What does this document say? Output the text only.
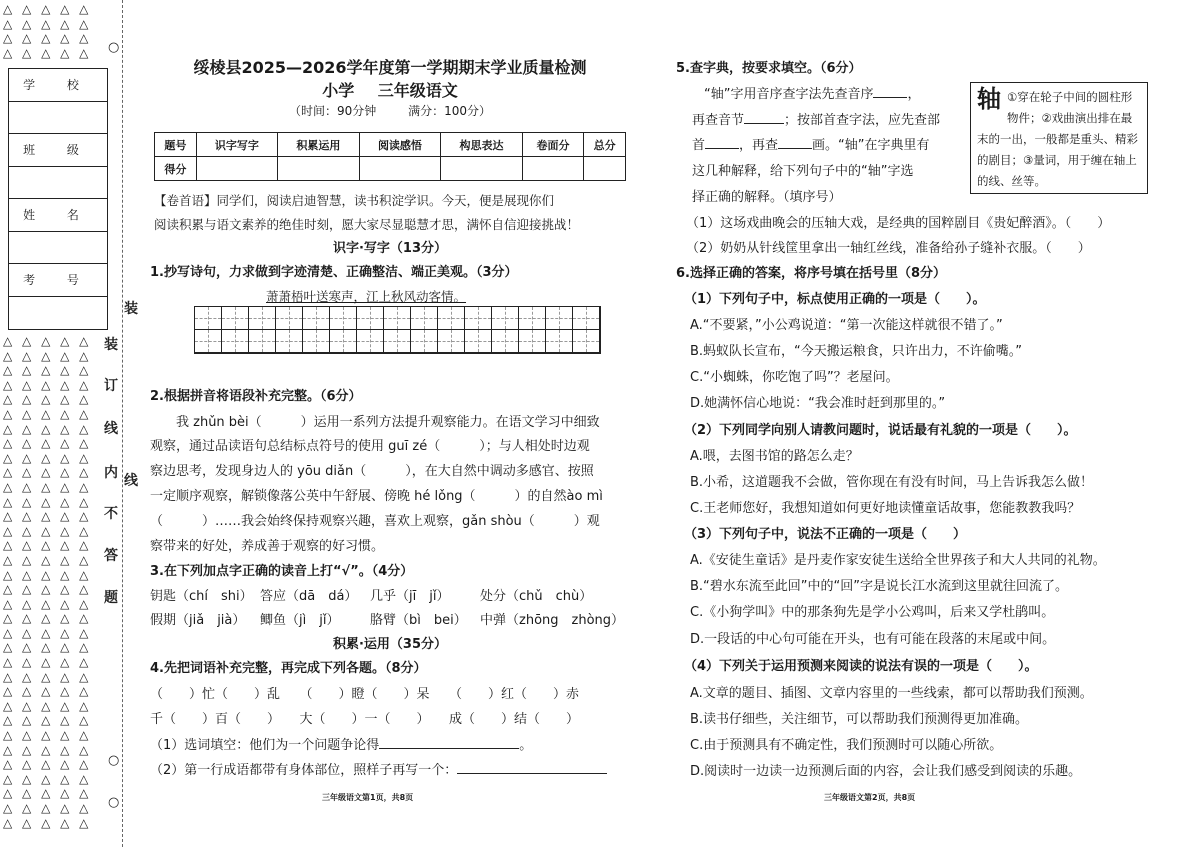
△ △ △ △ △
△ △ △ △ △
△ △ △ △ △
△ △ △ △ △
△ △ △ △ △
△ △ △ △ △
△ △ △ △ △
△ △ △ △ △
△ △ △ △ △
△ △ △ △ △
△ △ △ △ △
△ △ △ △ △
△ △ △ △ △
△ △ △ △ △
△ △ △ △ △
△ △ △ △ △
△ △ △ △ △
△ △ △ △ △
△ △ △ △ △
△ △ △ △ △
△ △ △ △ △
△ △ △ △ △
△ △ △ △ △
△ △ △ △ △
△ △ △ △ △
△ △ △ △ △
△ △ △ △ △
△ △ △ △ △
△ △ △ △ △
△ △ △ △ △
△ △ △ △ △
△ △ △ △ △
△ △ △ △ △
△ △ △ △ △
△ △ △ △ △
△ △ △ △ △
△ △ △ △ △
△ △ △ △ △
○
○
○
学 校
班 级
姓 名
考 号
装
线
装
订
线
内
不
答
题
绥棱县2025—2026学年度第一学期期末学业质量检测
小学 三年级语文
（时间：90分钟	满分：100分）
题号	识字写字	积累运用	阅读感悟	构思表达	卷面分	总分
得分						
【卷首语】同学们，阅读启迪智慧，读书积淀学识。今天，便是展现你们
阅读积累与语文素养的绝佳时刻，愿大家尽显聪慧才思，满怀自信迎接挑战！
识字·写字（13分）
1.抄写诗句，力求做到字迹清楚、正确整洁、端正美观。（3分）
萧萧梧叶送寒声，江上秋风动客情。
2.根据拼音将语段补充完整。（6分）
我 zhǔn bèi（　　　）运用一系列方法提升观察能力。在语文学习中细致
观察，通过品读语句总结标点符号的使用 guī zé（　　　）；与人相处时边观
察边思考，发现身边人的 yōu diǎn（　　　），在大自然中调动多感官、按照
一定顺序观察，解锁像落公英中午舒展、傍晚 hé lǒng（　　　）的自然ào mì
（　　　）……我会始终保持观察兴趣，喜欢上观察，gǎn shòu（　　　）观
察带来的好处，养成善于观察的好习惯。
3.在下列加点字正确的读音上打“√”。（4分）
钥匙（chí　shi） 答应（dā　dá） 几乎（jī　jǐ） 处分（chǔ　chù）
假期（jiǎ　jià） 鲫鱼（jì　jǐ） 胳臂（bì　bei） 中弹（zhōng　zhòng）
积累·运用（35分）
4.先把词语补充完整，再完成下列各题。（8分）
（　　）忙（　　）乱　　（　　）瞪（　　）呆　　（　　）红（　　）赤
千（　　）百（　　）　　大（　　）一（　　）　　成（　　）结（　　）
（1）选词填空：他们为一个问题争论得	。
（2）第一行成语都带有身体部位，照样子再写一个：
三年级语文第1页，共8页
5.查字典，按要求填空。（6分）
“轴”字用音序查字法先查音序	，
再查音节	；按部首查字法，应先查部
首	，再查	画。“轴”在字典里有
这几种解释，给下列句子中的“轴”字选
择正确的解释。（填序号）
（1）这场戏曲晚会的压轴大戏，是经典的国粹剧目《贵妃醉酒》。（　　）
（2）奶奶从针线筐里拿出一轴红丝线，准备给孙子缝补衣服。（　　）
6.选择正确的答案，将序号填在括号里（8分）
（1）下列句子中，标点使用正确的一项是（　　）。
A.“不要紧，”小公鸡说道：“第一次能这样就很不错了。”
B.蚂蚁队长宣布，“今天搬运粮食，只许出力，不许偷嘴。”
C.“小蜘蛛，你吃饱了吗”？老屋问。
D.她满怀信心地说：“我会准时赶到那里的。”
（2）下列同学向别人请教问题时，说话最有礼貌的一项是（　　）。
A.喂，去图书馆的路怎么走？
B.小希，这道题我不会做，管你现在有没有时间，马上告诉我怎么做！
C.王老师您好，我想知道如何更好地读懂童话故事，您能教教我吗？
（3）下列句子中，说法不正确的一项是（　　）
A.《安徒生童话》是丹麦作家安徒生送给全世界孩子和大人共同的礼物。
B.“碧水东流至此回”中的“回”字是说长江水流到这里就往回流了。
C.《小狗学叫》中的那条狗先是学小公鸡叫，后来又学杜鹃叫。
D.一段话的中心句可能在开头，也有可能在段落的末尾或中间。
（4）下列关于运用预测来阅读的说法有误的一项是（　　）。
A.文章的题目、插图、文章内容里的一些线索，都可以帮助我们预测。
B.读书仔细些，关注细节，可以帮助我们预测得更加准确。
C.由于预测具有不确定性，我们预测时可以随心所欲。
D.阅读时一边读一边预测后面的内容，会让我们感受到阅读的乐趣。
三年级语文第2页，共8页
轴 ①穿在轮子中间的圆柱形物件；②戏曲演出排在最末的一出，一般都是重头、精彩的剧目；③量词，用于缠在轴上的线、丝等。
